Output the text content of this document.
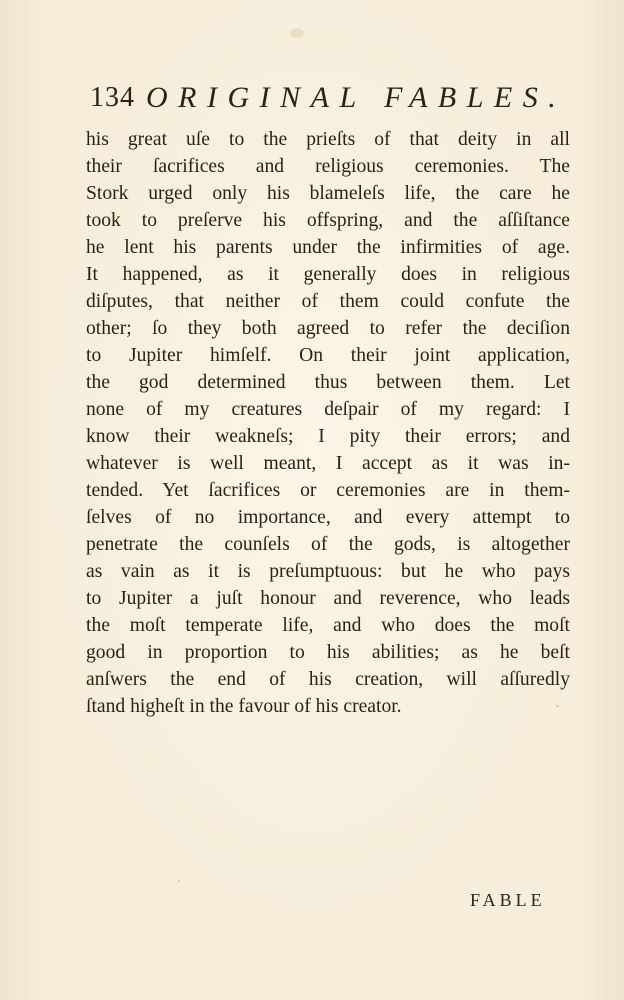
134 ORIGINAL FABLES.
his great uſe to the prieſts of that deity in all
their ſacrifices and religious ceremonies. The
Stork urged only his blameleſs life, the care he
took to preſerve his offspring, and the aſſiſtance
he lent his parents under the infirmities of age.
It happened, as it generally does in religious
diſputes, that neither of them could confute the
other; ſo they both agreed to refer the deciſion
to Jupiter himſelf. On their joint application,
the god determined thus between them. Let
none of my creatures deſpair of my regard: I
know their weakneſs; I pity their errors; and
whatever is well meant, I accept as it was in-
tended. Yet ſacrifices or ceremonies are in them-
ſelves of no importance, and every attempt to
penetrate the counſels of the gods, is altogether
as vain as it is preſumptuous: but he who pays
to Jupiter a juſt honour and reverence, who leads
the moſt temperate life, and who does the moſt
good in proportion to his abilities; as he beſt
anſwers the end of his creation, will aſſuredly
ſtand higheſt in the favour of his creator.
FABLE
